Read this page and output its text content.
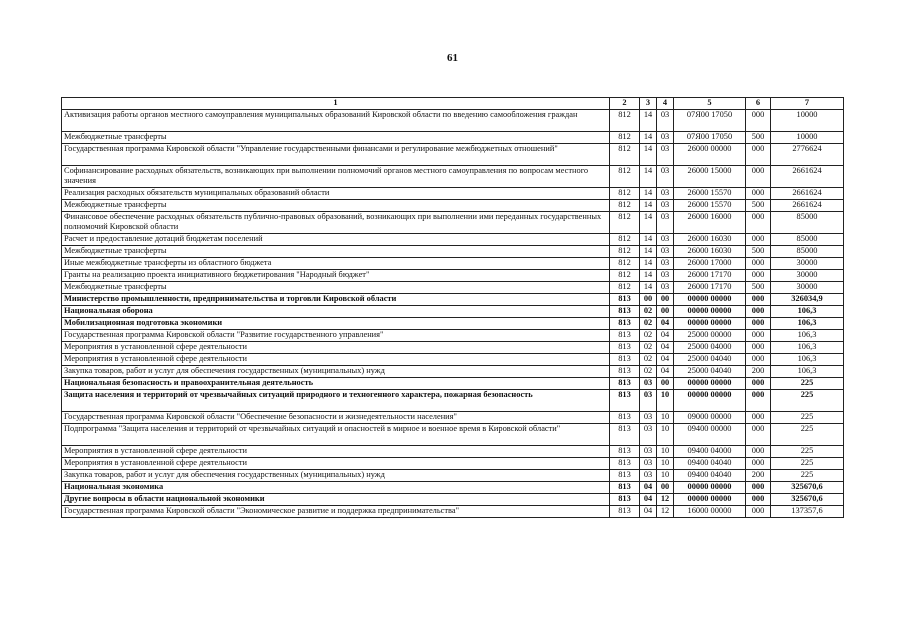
61
1	2	3	4	5	6	7
Активизация работы органов местного самоуправления муниципальных образований Кировской области по введению самообложения граждан	812	14	03	07Я00 17050	000	10000
Межбюджетные трансферты	812	14	03	07Я00 17050	500	10000
Государственная программа Кировской области "Управление государственными финансами и регулирование межбюджетных отношений"	812	14	03	26000 00000	000	2776624
Софинансирование расходных обязательств, возникающих при выполнении полномочий органов местного самоуправления по вопросам местного значения	812	14	03	26000 15000	000	2661624
Реализация расходных обязательств муниципальных образований области	812	14	03	26000 15570	000	2661624
Межбюджетные трансферты	812	14	03	26000 15570	500	2661624
Финансовое обеспечение расходных обязательств публично-правовых образований, возникающих при выполнении ими переданных государственных полномочий Кировской области	812	14	03	26000 16000	000	85000
Расчет и предоставление дотаций бюджетам поселений	812	14	03	26000 16030	000	85000
Межбюджетные трансферты	812	14	03	26000 16030	500	85000
Иные межбюджетные трансферты из областного бюджета	812	14	03	26000 17000	000	30000
Гранты на реализацию проекта инициативного бюджетирования "Народный бюджет"	812	14	03	26000 17170	000	30000
Межбюджетные трансферты	812	14	03	26000 17170	500	30000
Министерство промышленности, предпринимательства и торговли Кировской области	813	00	00	00000 00000	000	326034,9
Национальная оборона	813	02	00	00000 00000	000	106,3
Мобилизационная подготовка экономики	813	02	04	00000 00000	000	106,3
Государственная программа Кировской области "Развитие государственного управления"	813	02	04	25000 00000	000	106,3
Мероприятия в установленной сфере деятельности	813	02	04	25000 04000	000	106,3
Мероприятия в установленной сфере деятельности	813	02	04	25000 04040	000	106,3
Закупка товаров, работ и услуг для обеспечения государственных (муниципальных) нужд	813	02	04	25000 04040	200	106,3
Национальная безопасность и правоохранительная деятельность	813	03	00	00000 00000	000	225
Защита населения и территорий от чрезвычайных ситуаций природного и техногенного характера, пожарная безопасность	813	03	10	00000 00000	000	225
Государственная программа Кировской области "Обеспечение безопасности и жизнедеятельности населения"	813	03	10	09000 00000	000	225
Подпрограмма "Защита населения и территорий от чрезвычайных ситуаций и опасностей в мирное и военное время в Кировской области"	813	03	10	09400 00000	000	225
Мероприятия в установленной сфере деятельности	813	03	10	09400 04000	000	225
Мероприятия в установленной сфере деятельности	813	03	10	09400 04040	000	225
Закупка товаров, работ и услуг для обеспечения государственных (муниципальных) нужд	813	03	10	09400 04040	200	225
Национальная экономика	813	04	00	00000 00000	000	325670,6
Другие вопросы в области национальной экономики	813	04	12	00000 00000	000	325670,6
Государственная программа Кировской области "Экономическое развитие и поддержка предпринимательства"	813	04	12	16000 00000	000	137357,6
